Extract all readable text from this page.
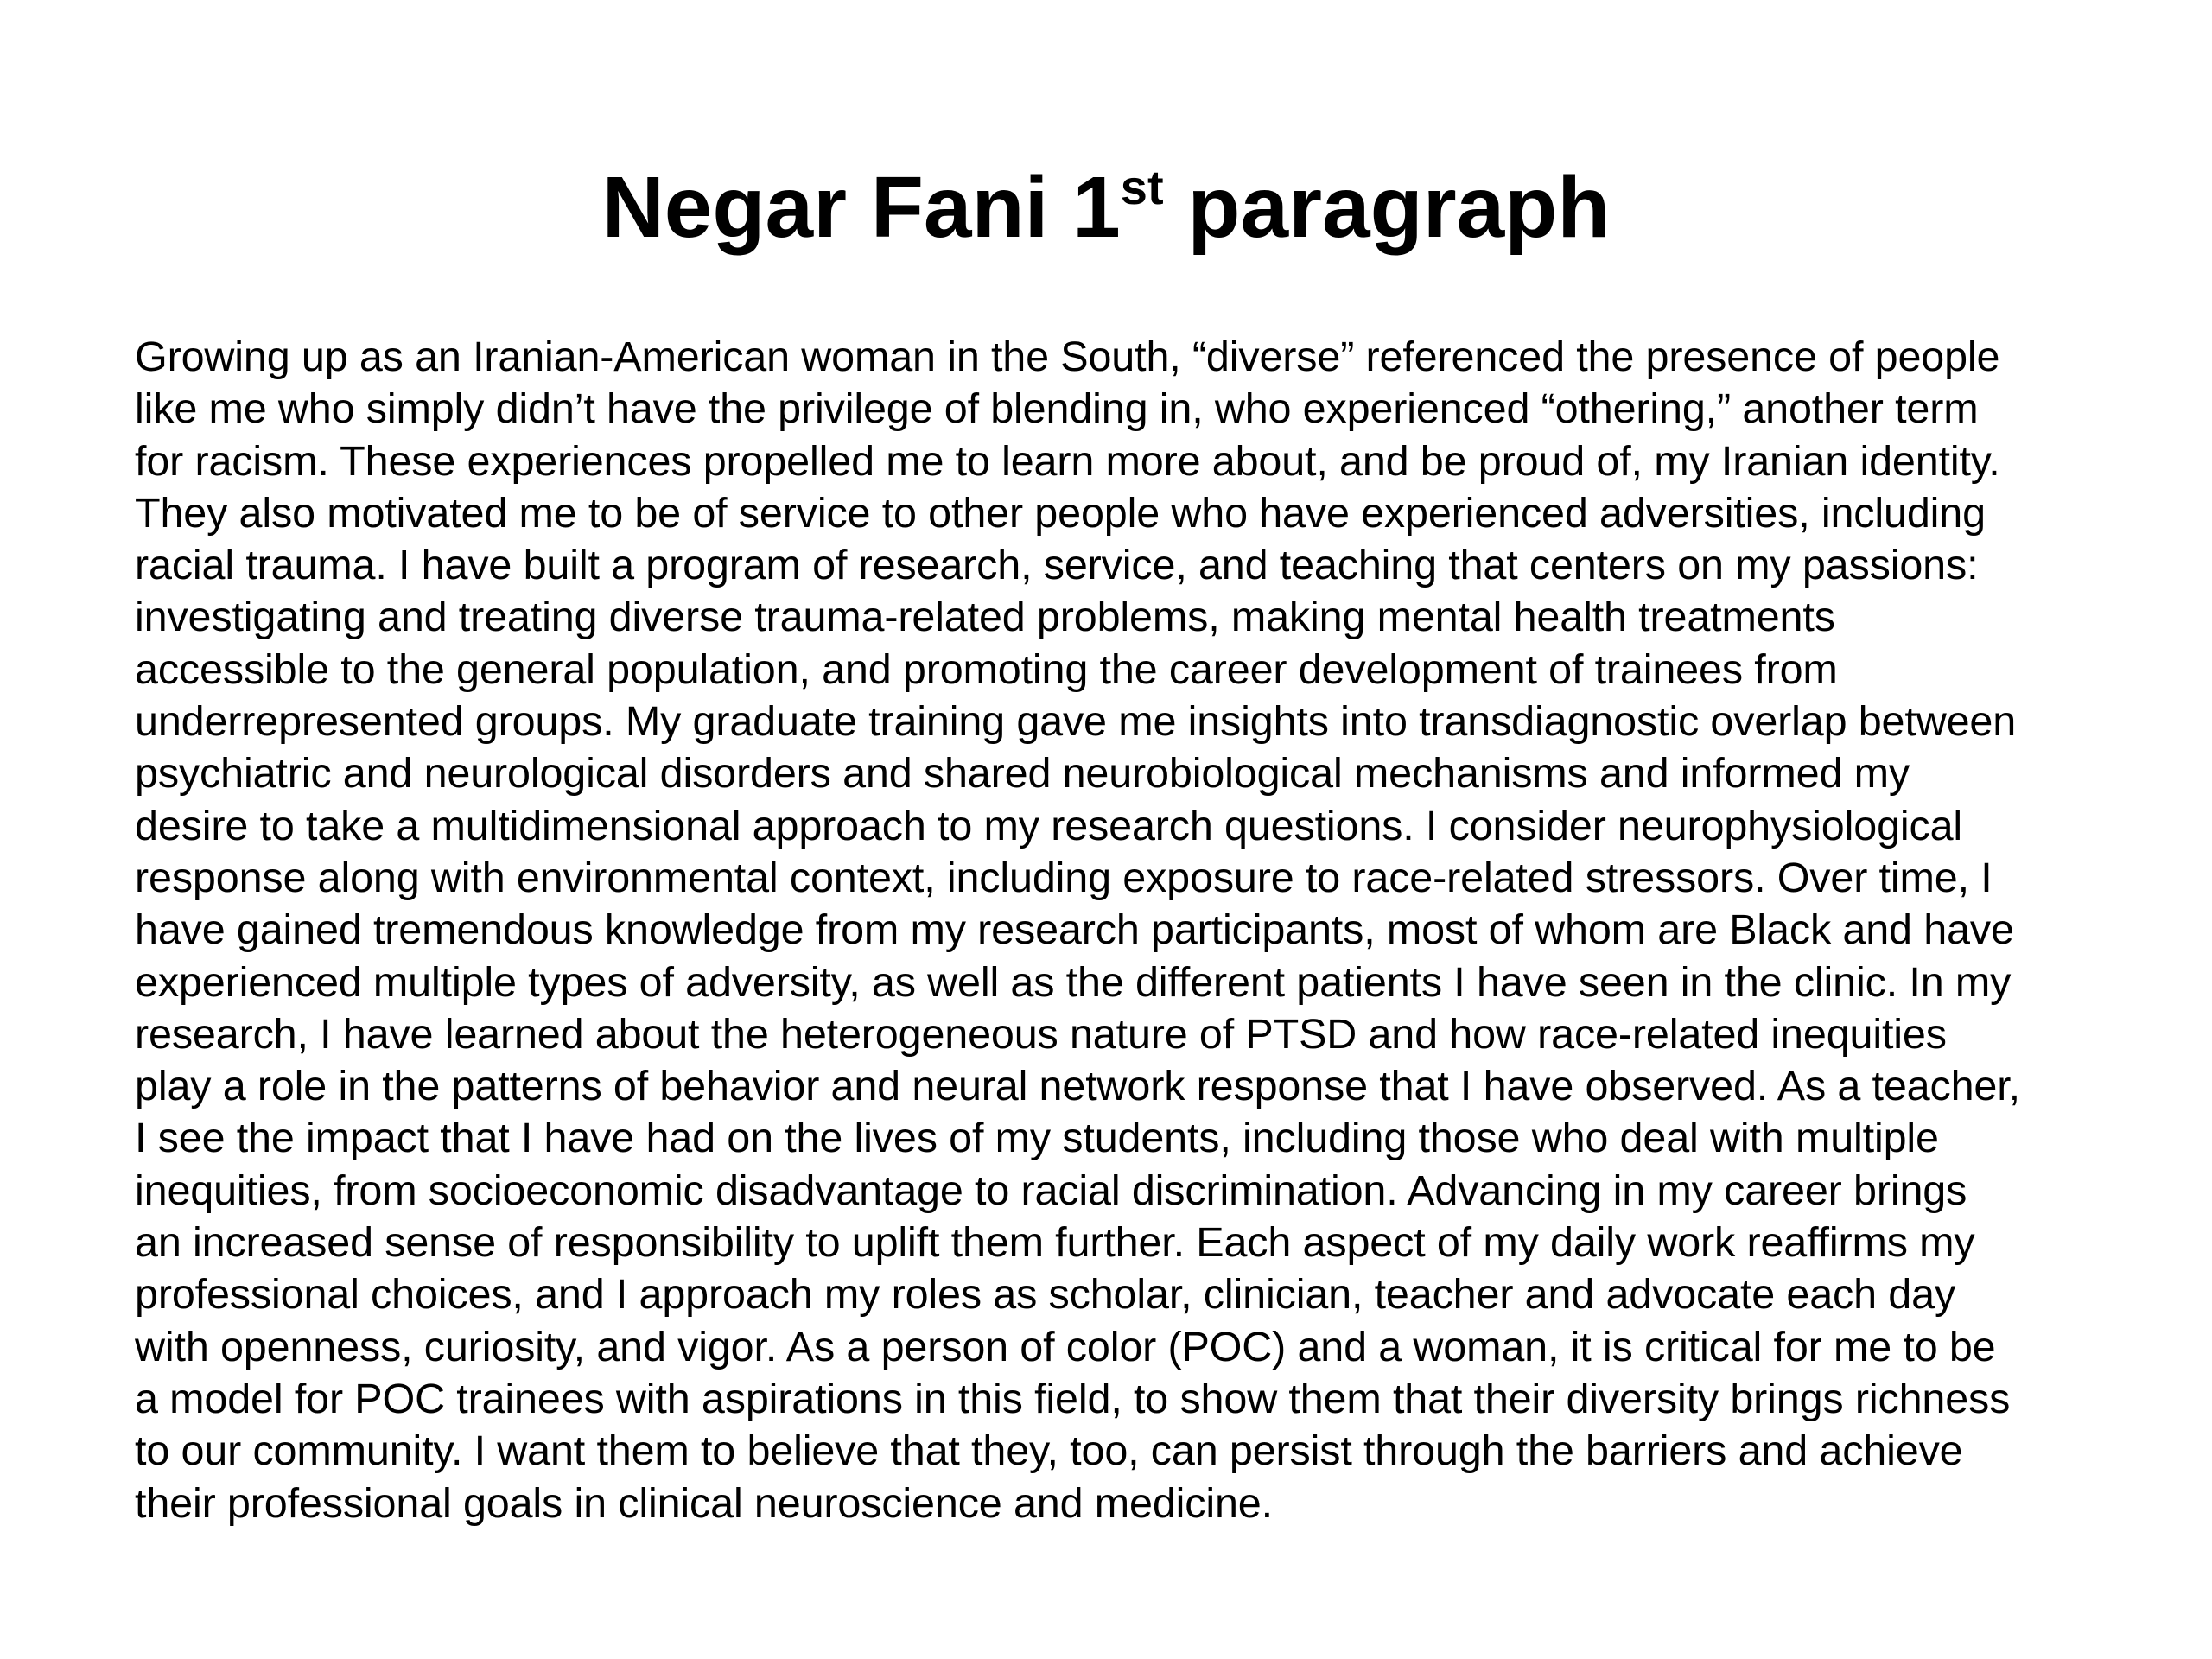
Negar Fani 1st paragraph
Growing up as an Iranian-American woman in the South, “diverse” referenced the presence of people
like me who simply didn’t have the privilege of blending in, who experienced “othering,” another term
for racism. These experiences propelled me to learn more about, and be proud of, my Iranian identity.
They also motivated me to be of service to other people who have experienced adversities, including
racial trauma. I have built a program of research, service, and teaching that centers on my passions:
investigating and treating diverse trauma-related problems, making mental health treatments
accessible to the general population, and promoting the career development of trainees from
underrepresented groups. My graduate training gave me insights into transdiagnostic overlap between
psychiatric and neurological disorders and shared neurobiological mechanisms and informed my
desire to take a multidimensional approach to my research questions. I consider neurophysiological
response along with environmental context, including exposure to race-related stressors. Over time, I
have gained tremendous knowledge from my research participants, most of whom are Black and have
experienced multiple types of adversity, as well as the different patients I have seen in the clinic. In my
research, I have learned about the heterogeneous nature of PTSD and how race-related inequities
play a role in the patterns of behavior and neural network response that I have observed. As a teacher,
I see the impact that I have had on the lives of my students, including those who deal with multiple
inequities, from socioeconomic disadvantage to racial discrimination. Advancing in my career brings
an increased sense of responsibility to uplift them further. Each aspect of my daily work reaffirms my
professional choices, and I approach my roles as scholar, clinician, teacher and advocate each day
with openness, curiosity, and vigor. As a person of color (POC) and a woman, it is critical for me to be
a model for POC trainees with aspirations in this field, to show them that their diversity brings richness
to our community. I want them to believe that they, too, can persist through the barriers and achieve
their professional goals in clinical neuroscience and medicine.
